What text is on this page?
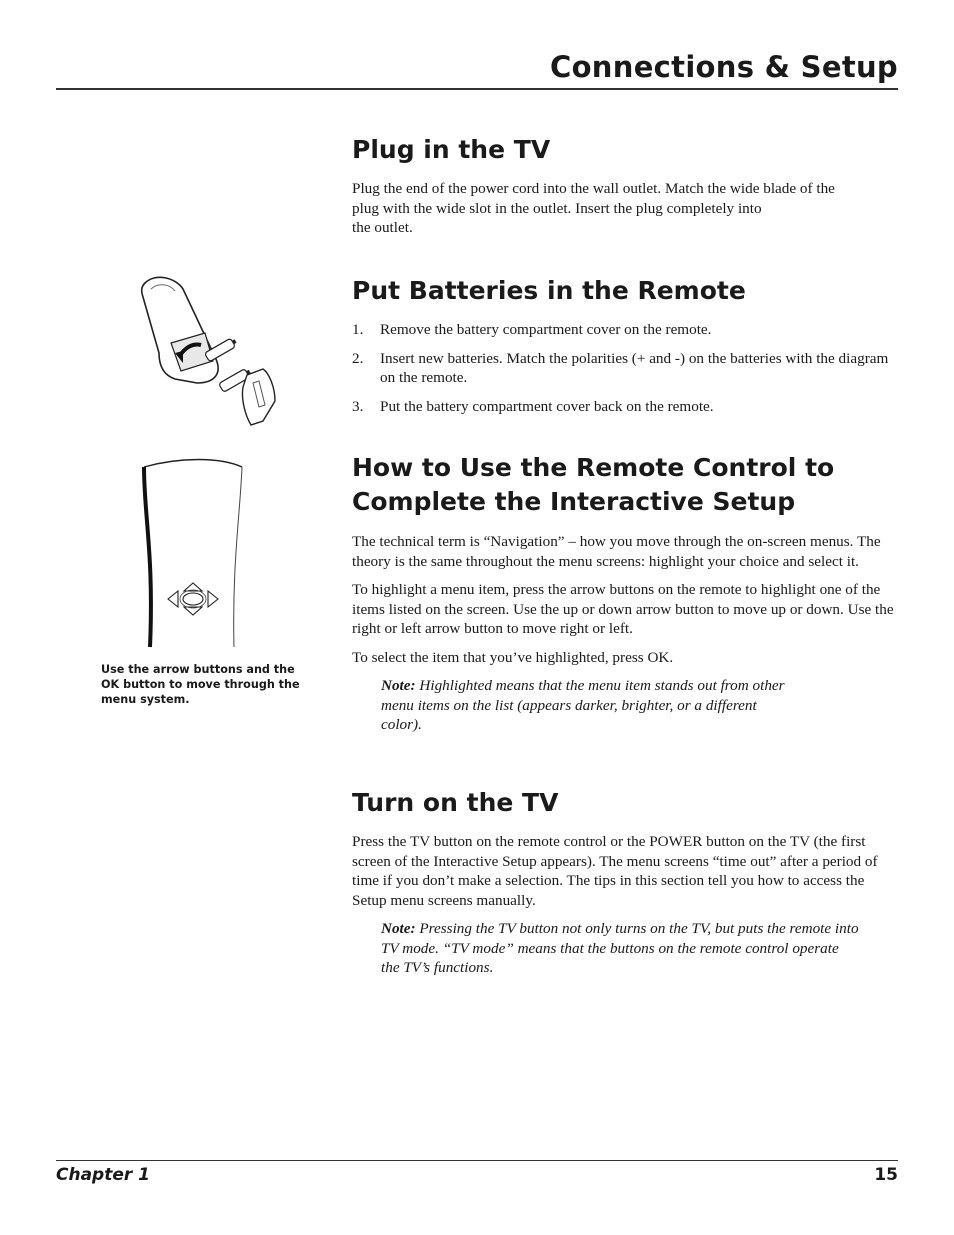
Connections & Setup
Plug in the TV

Plug the end of the power cord into the wall outlet. Match the wide blade of the
plug with the wide slot in the outlet. Insert the plug completely into
the outlet.

Put Batteries in the Remote
1. Remove the battery compartment cover on the remote.
2. Insert new batteries. Match the polarities (+ and -) on the batteries with the diagram on the remote.
3. Put the battery compartment cover back on the remote.
How to Use the Remote Control to
Complete the Interactive Setup

The technical term is “Navigation” – how you move through the on-screen menus. The theory is the same throughout the menu screens: highlight your choice and select it.

To highlight a menu item, press the arrow buttons on the remote to highlight one of the items listed on the screen. Use the up or down arrow button to move up or down. Use the right or left arrow button to move right or left.

To select the item that you’ve highlighted, press OK.

Note: Highlighted means that the menu item stands out from other menu items on the list (appears darker, brighter, or a different color).

Turn on the TV

Press the TV button on the remote control or the POWER button on the TV (the first screen of the Interactive Setup appears). The menu screens “time out” after a period of time if you don’t make a selection. The tips in this section tell you how to access the Setup menu screens manually.

Note: Pressing the TV button not only turns on the TV, but puts the remote into TV mode. “TV mode” means that the buttons on the remote control operate the TV’s functions.

Use the arrow buttons and the OK button to move through the menu system.
Chapter 1	15
